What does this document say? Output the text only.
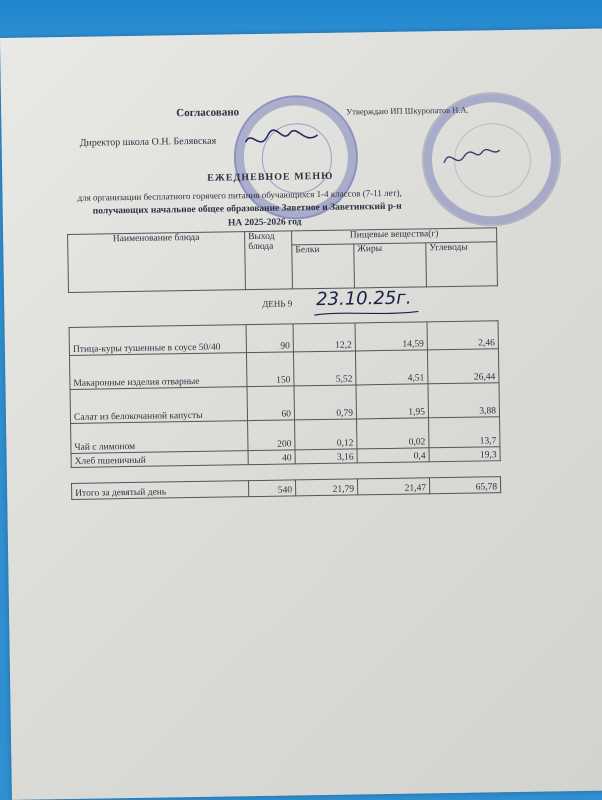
Согласовано	Утверждаю ИП Шкуропатов Н.А.
Директор школа О.Н. Белявская
ЕЖЕДНЕВНОЕ МЕНЮ
для организации бесплатного горячего питания обучающихся 1-4 классов (7-11 лет),
получающих начальное общее образование Заветное и Заветинский р-н
НА 2025-2026 год
Наименование блюда	Выход блюда	Пищевые вещества(г)		
		Белки	Жиры	Углеводы
ДЕНЬ 9 23.10.25г.
Птица-куры тушенные в соусе 50/40	90	12,2	14,59	2,46
Макаронные изделия отварные	150	5,52	4,51	26,44
Салат из белокочанной капусты	60	0,79	1,95	3,88
Чай с лимоном	200	0,12	0,02	13,7
Хлеб пшеничный	40	3,16	0,4	19,3
Итого за девятый день	540	21,79	21,47	65,78
